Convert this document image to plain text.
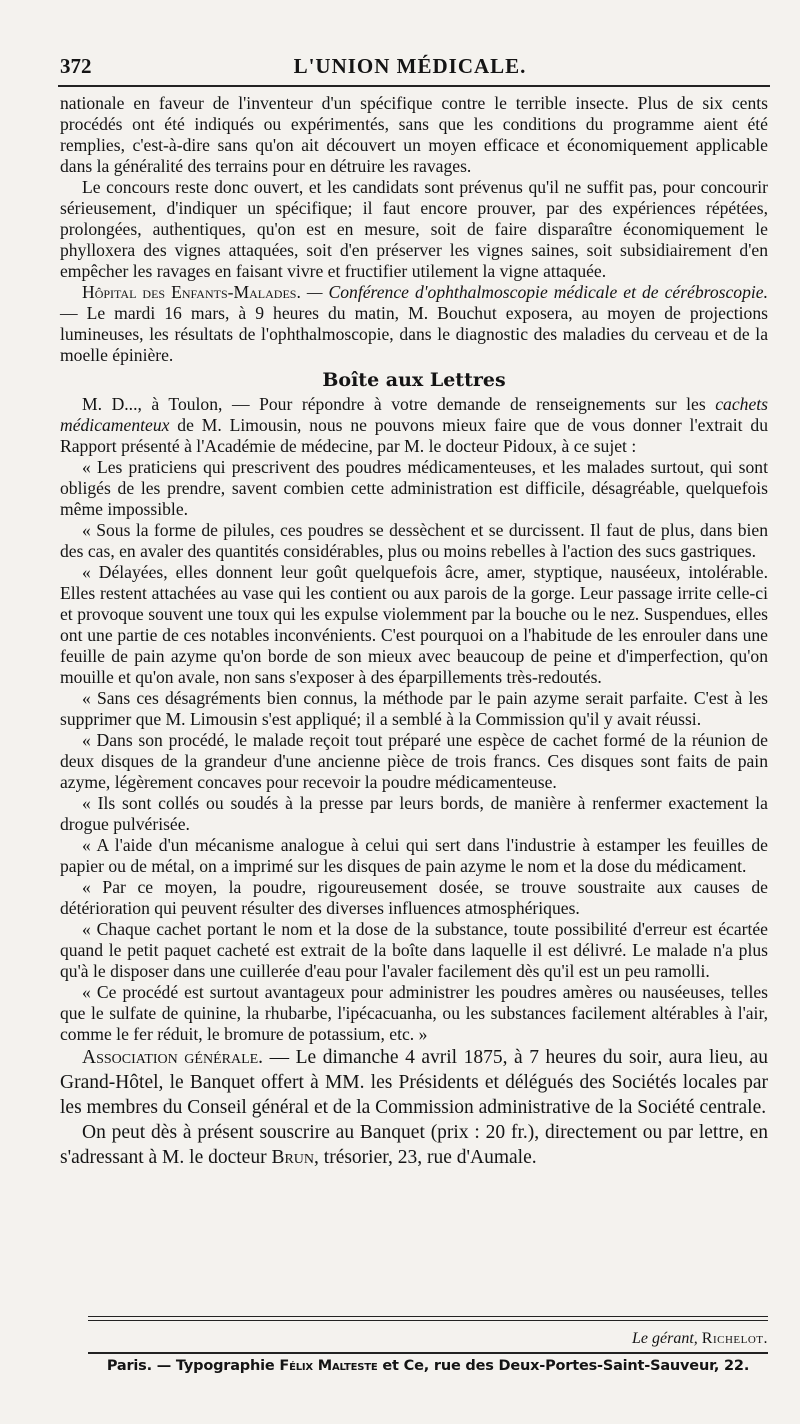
372	L'UNION MÉDICALE.

nationale en faveur de l'inventeur d'un spécifique contre le terrible insecte. Plus de six cents procédés ont été indiqués ou expérimentés, sans que les conditions du programme aient été remplies, c'est-à-dire sans qu'on ait découvert un moyen efficace et économiquement applicable dans la généralité des terrains pour en détruire les ravages.

Le concours reste donc ouvert, et les candidats sont prévenus qu'il ne suffit pas, pour concourir sérieusement, d'indiquer un spécifique; il faut encore prouver, par des expériences répétées, prolongées, authentiques, qu'on est en mesure, soit de faire disparaître économiquement le phylloxera des vignes attaquées, soit d'en préserver les vignes saines, soit subsidiairement d'en empêcher les ravages en faisant vivre et fructifier utilement la vigne attaquée.

Hôpital des Enfants-Malades. — Conférence d'ophthalmoscopie médicale et de cérébroscopie. — Le mardi 16 mars, à 9 heures du matin, M. Bouchut exposera, au moyen de projections lumineuses, les résultats de l'ophthalmoscopie, dans le diagnostic des maladies du cerveau et de la moelle épinière.

Boîte aux Lettres

M. D..., à Toulon, — Pour répondre à votre demande de renseignements sur les cachets médicamenteux de M. Limousin, nous ne pouvons mieux faire que de vous donner l'extrait du Rapport présenté à l'Académie de médecine, par M. le docteur Pidoux, à ce sujet :

« Les praticiens qui prescrivent des poudres médicamenteuses, et les malades surtout, qui sont obligés de les prendre, savent combien cette administration est difficile, désagréable, quelquefois même impossible.

« Sous la forme de pilules, ces poudres se dessèchent et se durcissent. Il faut de plus, dans bien des cas, en avaler des quantités considérables, plus ou moins rebelles à l'action des sucs gastriques.

« Délayées, elles donnent leur goût quelquefois âcre, amer, styptique, nauséeux, intolérable. Elles restent attachées au vase qui les contient ou aux parois de la gorge. Leur passage irrite celle-ci et provoque souvent une toux qui les expulse violemment par la bouche ou le nez. Suspendues, elles ont une partie de ces notables inconvénients. C'est pourquoi on a l'habitude de les enrouler dans une feuille de pain azyme qu'on borde de son mieux avec beaucoup de peine et d'imperfection, qu'on mouille et qu'on avale, non sans s'exposer à des éparpillements très-redoutés.

« Sans ces désagréments bien connus, la méthode par le pain azyme serait parfaite. C'est à les supprimer que M. Limousin s'est appliqué; il a semblé à la Commission qu'il y avait réussi.

« Dans son procédé, le malade reçoit tout préparé une espèce de cachet formé de la réunion de deux disques de la grandeur d'une ancienne pièce de trois francs. Ces disques sont faits de pain azyme, légèrement concaves pour recevoir la poudre médicamenteuse.

« Ils sont collés ou soudés à la presse par leurs bords, de manière à renfermer exactement la drogue pulvérisée.

« A l'aide d'un mécanisme analogue à celui qui sert dans l'industrie à estamper les feuilles de papier ou de métal, on a imprimé sur les disques de pain azyme le nom et la dose du médicament.

« Par ce moyen, la poudre, rigoureusement dosée, se trouve soustraite aux causes de détérioration qui peuvent résulter des diverses influences atmosphériques.

« Chaque cachet portant le nom et la dose de la substance, toute possibilité d'erreur est écartée quand le petit paquet cacheté est extrait de la boîte dans laquelle il est délivré. Le malade n'a plus qu'à le disposer dans une cuillerée d'eau pour l'avaler facilement dès qu'il est un peu ramolli.

« Ce procédé est surtout avantageux pour administrer les poudres amères ou nauséeuses, telles que le sulfate de quinine, la rhubarbe, l'ipécacuanha, ou les substances facilement altérables à l'air, comme le fer réduit, le bromure de potassium, etc. »

Association générale. — Le dimanche 4 avril 1875, à 7 heures du soir, aura lieu, au Grand-Hôtel, le Banquet offert à MM. les Présidents et délégués des Sociétés locales par les membres du Conseil général et de la Commission administrative de la Société centrale.

On peut dès à présent souscrire au Banquet (prix : 20 fr.), directement ou par lettre, en s'adressant à M. le docteur Brun, trésorier, 23, rue d'Aumale.

Le gérant, Richelot.
Paris. — Typographie Félix Malteste et Ce, rue des Deux-Portes-Saint-Sauveur, 22.
